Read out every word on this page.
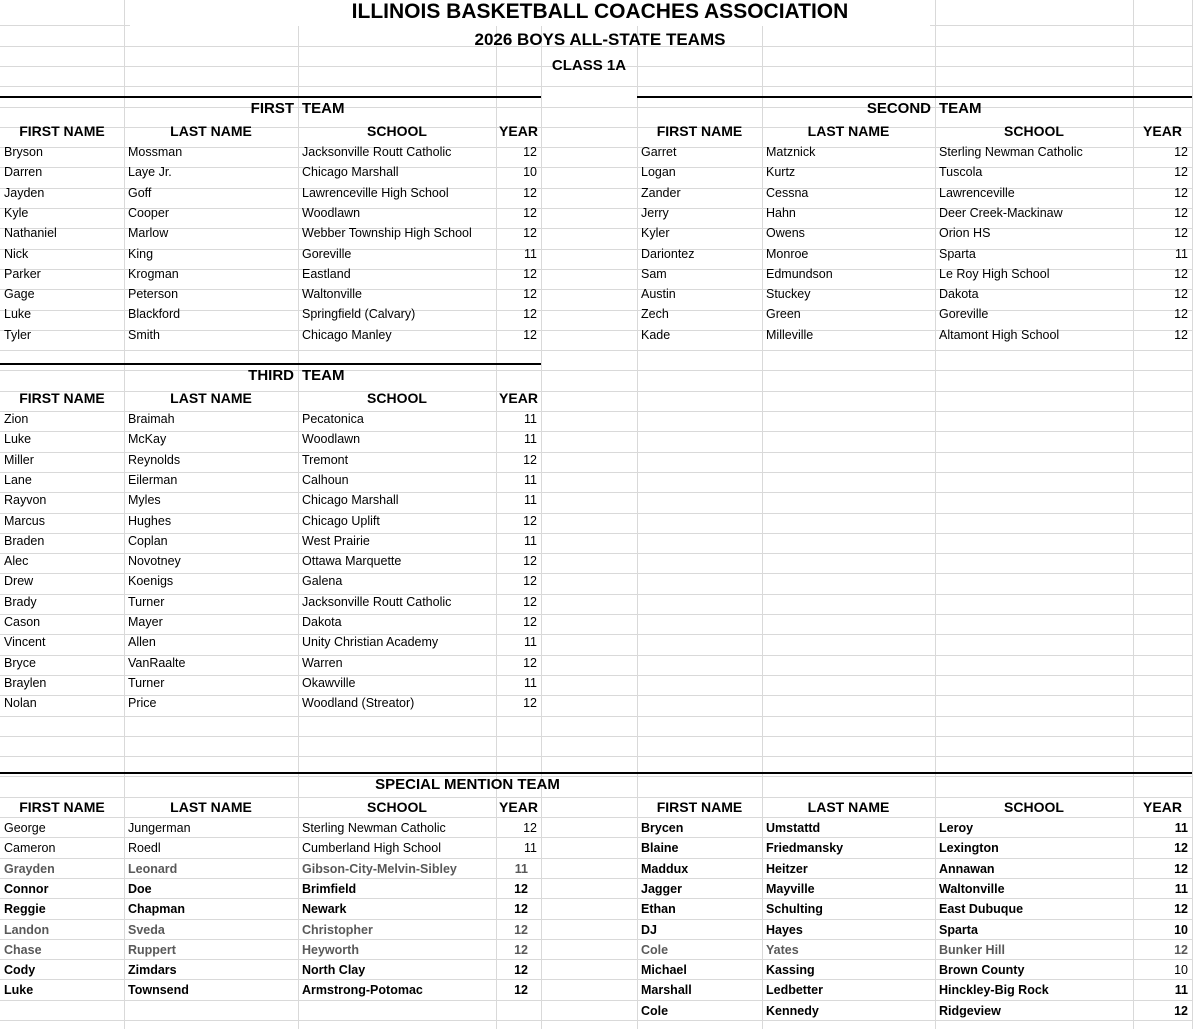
ILLINOIS BASKETBALL COACHES ASSOCIATION
2026 BOYS ALL-STATE TEAMS
CLASS 1A
FIRST TEAM
FIRST NAME	LAST NAME	SCHOOL	YEAR
Bryson	Mossman	Jacksonville Routt Catholic	12
Darren	Laye Jr.	Chicago Marshall	10
Jayden	Goff	Lawrenceville High School	12
Kyle	Cooper	Woodlawn	12
Nathaniel	Marlow	Webber Township High School	12
Nick	King	Goreville	11
Parker	Krogman	Eastland	12
Gage	Peterson	Waltonville	12
Luke	Blackford	Springfield (Calvary)	12
Tyler	Smith	Chicago Manley	12
SECOND TEAM
FIRST NAME	LAST NAME	SCHOOL	YEAR
Garret	Matznick	Sterling Newman Catholic	12
Logan	Kurtz	Tuscola	12
Zander	Cessna	Lawrenceville	12
Jerry	Hahn	Deer Creek-Mackinaw	12
Kyler	Owens	Orion HS	12
Dariontez	Monroe	Sparta	11
Sam	Edmundson	Le Roy High School	12
Austin	Stuckey	Dakota	12
Zech	Green	Goreville	12
Kade	Milleville	Altamont High School	12
THIRD TEAM
FIRST NAME	LAST NAME	SCHOOL	YEAR
Zion	Braimah	Pecatonica	11
Luke	McKay	Woodlawn	11
Miller	Reynolds	Tremont	12
Lane	Eilerman	Calhoun	11
Rayvon	Myles	Chicago Marshall	11
Marcus	Hughes	Chicago Uplift	12
Braden	Coplan	West Prairie	11
Alec	Novotney	Ottawa Marquette	12
Drew	Koenigs	Galena	12
Brady	Turner	Jacksonville Routt Catholic	12
Cason	Mayer	Dakota	12
Vincent	Allen	Unity Christian Academy	11
Bryce	VanRaalte	Warren	12
Braylen	Turner	Okawville	11
Nolan	Price	Woodland (Streator)	12
SPECIAL MENTION TEAM
FIRST NAME	LAST NAME	SCHOOL	YEAR	FIRST NAME	LAST NAME	SCHOOL	YEAR
George	Jungerman	Sterling Newman Catholic	12
Cameron	Roedl	Cumberland High School	11
Grayden	Leonard	Gibson-City-Melvin-Sibley	11
Connor	Doe	Brimfield	12
Reggie	Chapman	Newark	12
Landon	Sveda	Christopher	12
Chase	Ruppert	Heyworth	12
Cody	Zimdars	North Clay	12
Luke	Townsend	Armstrong-Potomac	12
Brycen	Umstattd	Leroy	11
Blaine	Friedmansky	Lexington	12
Maddux	Heitzer	Annawan	12
Jagger	Mayville	Waltonville	11
Ethan	Schulting	East Dubuque	12
DJ	Hayes	Sparta	10
Cole	Yates	Bunker Hill	12
Michael	Kassing	Brown County	10
Marshall	Ledbetter	Hinckley-Big Rock	11
Cole	Kennedy	Ridgeview	12
